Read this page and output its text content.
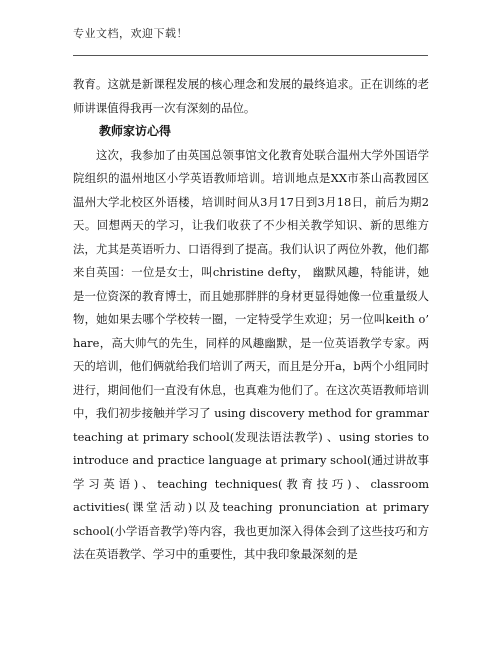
专业文档，欢迎下载！

教育。这就是新课程发展的核心理念和发展的最终追求。正在训练的老师讲课值得我再一次有深刻的品位。

教师家访心得

这次，我参加了由英国总领事馆文化教育处联合温州大学外国语学院组织的温州地区小学英语教师培训。培训地点是XX市茶山高教园区温州大学北校区外语楼，培训时间从3月17日到3月18日，前后为期2天。回想两天的学习，让我们收获了不少相关教学知识、新的思维方法，尤其是英语听力、口语得到了提高。我们认识了两位外教，他们都来自英国：一位是女士，叫christine defty， 幽默风趣，特能讲，她是一位资深的教育博士，而且她那胖胖的身材更显得她像一位重量级人物，她如果去哪个学校转一圈，一定特受学生欢迎；另一位叫keith o’ hare，高大帅气的先生，同样的风趣幽默，是一位英语教学专家。两天的培训，他们俩就给我们培训了两天，而且是分开a，b两个小组同时进行，期间他们一直没有休息，也真难为他们了。在这次英语教师培训中，我们初步接触并学习了 using discovery method for grammar teaching at primary school(发现法语法教学) 、using stories to introduce and practice language at primary school(通过讲故事学习英语)、teaching techniques(教育技巧)、classroom activities(课堂活动)以及teaching pronunciation at primary school(小学语音教学)等内容，我也更加深入得体会到了这些技巧和方法在英语教学、学习中的重要性，其中我印象最深刻的是
